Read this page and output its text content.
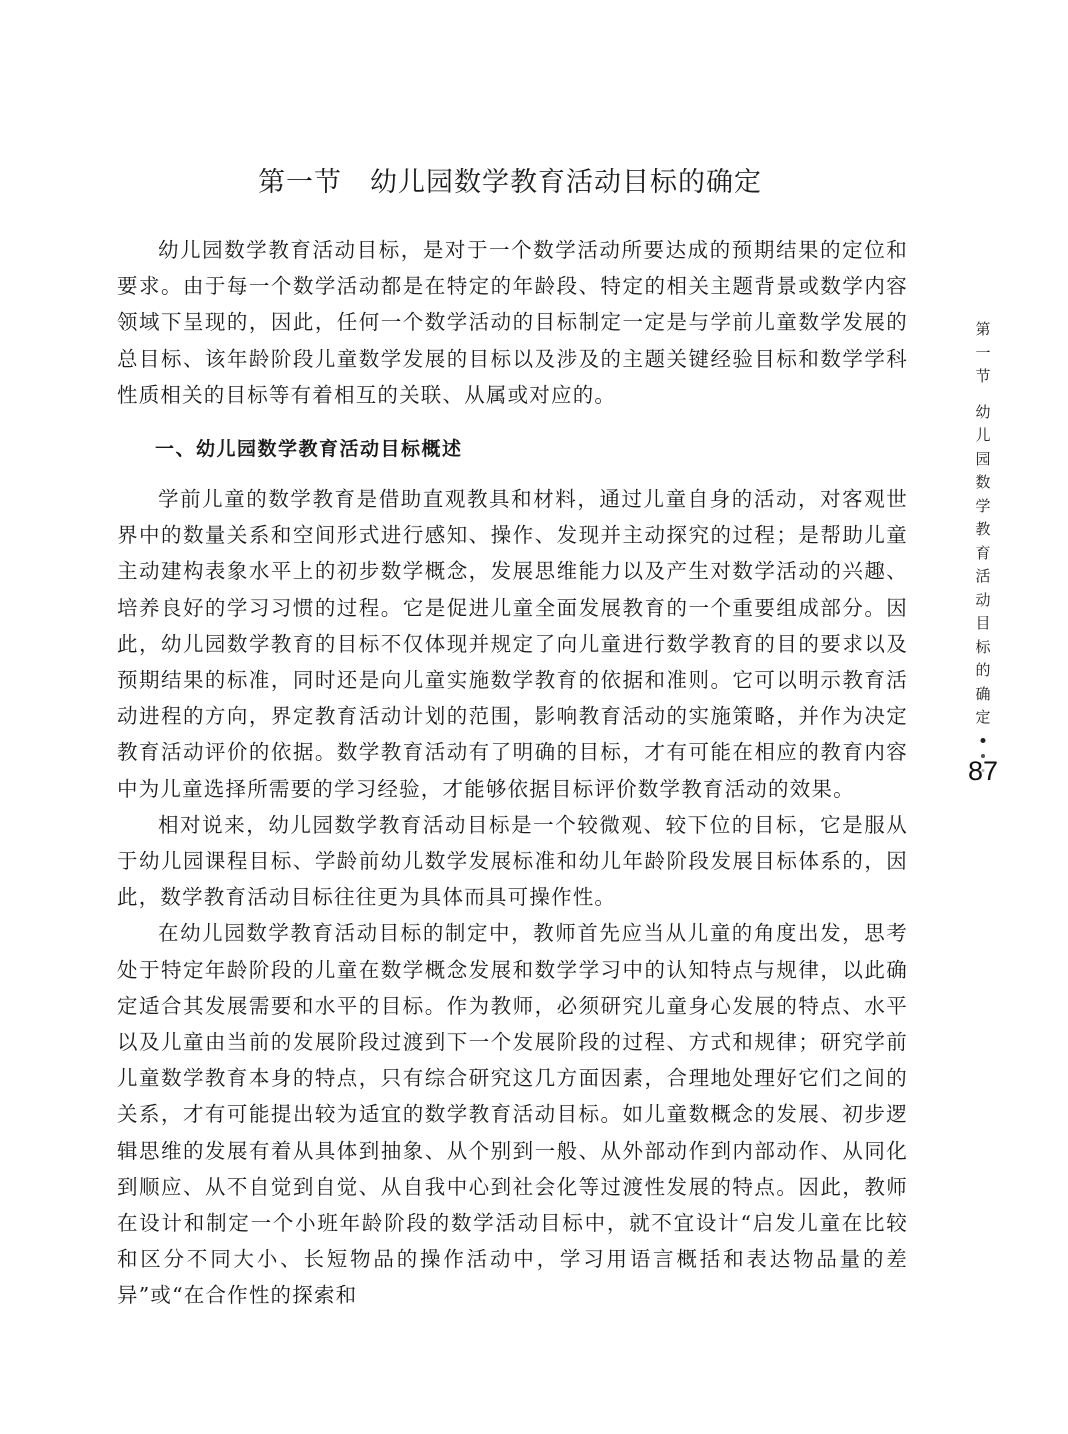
第一节　幼儿园数学教育活动目标的确定

幼儿园数学教育活动目标，是对于一个数学活动所要达成的预期结果的定位和要求。由于每一个数学活动都是在特定的年龄段、特定的相关主题背景或数学内容领域下呈现的，因此，任何一个数学活动的目标制定一定是与学前儿童数学发展的总目标、该年龄阶段儿童数学发展的目标以及涉及的主题关键经验目标和数学学科性质相关的目标等有着相互的关联、从属或对应的。

一、幼儿园数学教育活动目标概述

学前儿童的数学教育是借助直观教具和材料，通过儿童自身的活动，对客观世界中的数量关系和空间形式进行感知、操作、发现并主动探究的过程；是帮助儿童主动建构表象水平上的初步数学概念，发展思维能力以及产生对数学活动的兴趣、培养良好的学习习惯的过程。它是促进儿童全面发展教育的一个重要组成部分。因此，幼儿园数学教育的目标不仅体现并规定了向儿童进行数学教育的目的要求以及预期结果的标准，同时还是向儿童实施数学教育的依据和准则。它可以明示教育活动进程的方向，界定教育活动计划的范围，影响教育活动的实施策略，并作为决定教育活动评价的依据。数学教育活动有了明确的目标，才有可能在相应的教育内容中为儿童选择所需要的学习经验，才能够依据目标评价数学教育活动的效果。

相对说来，幼儿园数学教育活动目标是一个较微观、较下位的目标，它是服从于幼儿园课程目标、学龄前幼儿数学发展标准和幼儿年龄阶段发展目标体系的，因此，数学教育活动目标往往更为具体而具可操作性。

在幼儿园数学教育活动目标的制定中，教师首先应当从儿童的角度出发，思考处于特定年龄阶段的儿童在数学概念发展和数学学习中的认知特点与规律，以此确定适合其发展需要和水平的目标。作为教师，必须研究儿童身心发展的特点、水平以及儿童由当前的发展阶段过渡到下一个发展阶段的过程、方式和规律；研究学前儿童数学教育本身的特点，只有综合研究这几方面因素，合理地处理好它们之间的关系，才有可能提出较为适宜的数学教育活动目标。如儿童数概念的发展、初步逻辑思维的发展有着从具体到抽象、从个别到一般、从外部动作到内部动作、从同化到顺应、从不自觉到自觉、从自我中心到社会化等过渡性发展的特点。因此，教师在设计和制定一个小班年龄阶段的数学活动目标中，就不宜设计“启发儿童在比较和区分不同大小、长短物品的操作活动中，学习用语言概括和表达物品量的差异”或“在合作性的探索和

第
一
节
幼
儿
园
数
学
教
育
活
动
目
标
的
确
定
87
